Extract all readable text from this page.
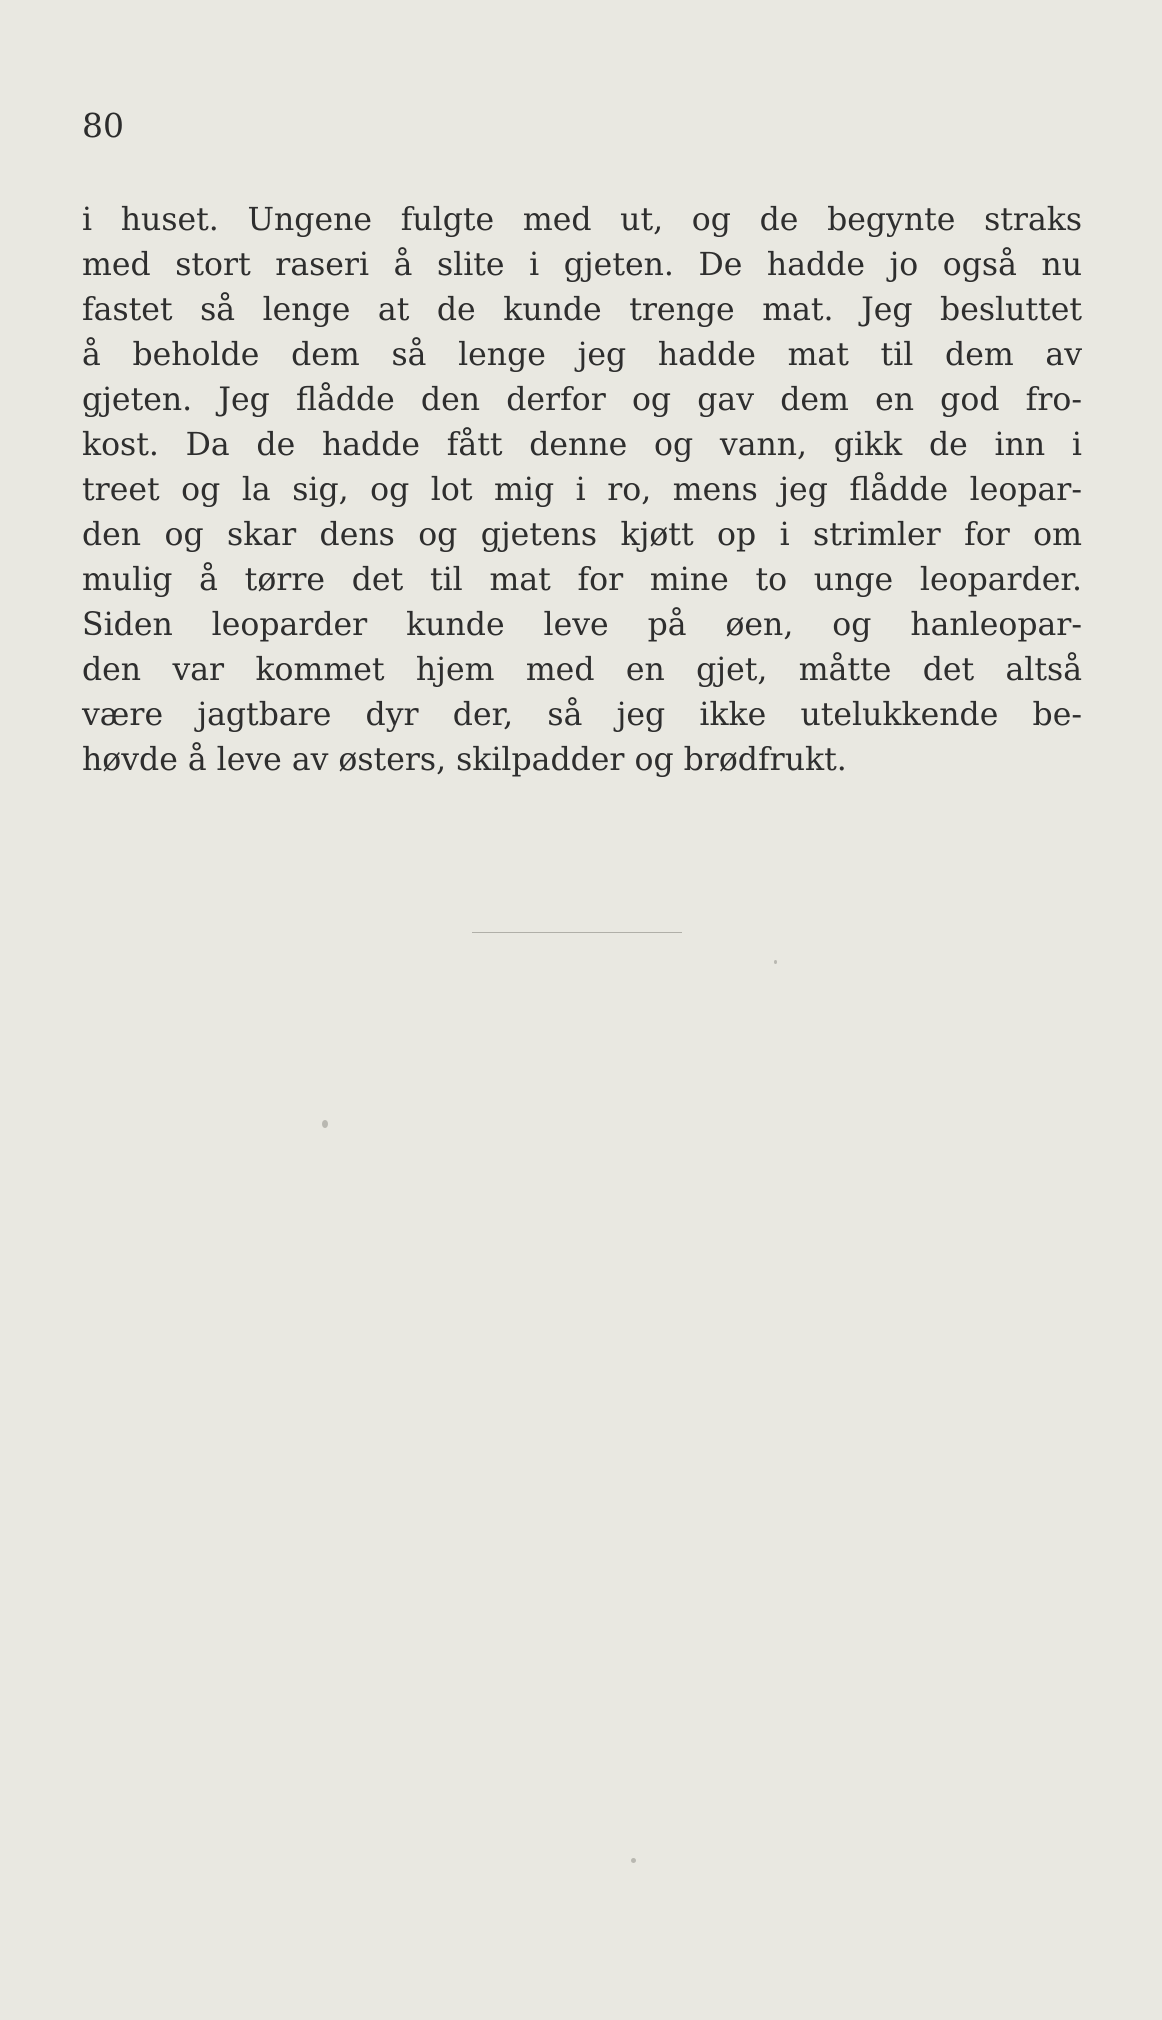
80
i huset. Ungene fulgte med ut, og de begynte straks
med stort raseri å slite i gjeten. De hadde jo også nu
fastet så lenge at de kunde trenge mat. Jeg besluttet
å beholde dem så lenge jeg hadde mat til dem av
gjeten. Jeg flådde den derfor og gav dem en god fro-
kost. Da de hadde fått denne og vann, gikk de inn i
treet og la sig, og lot mig i ro, mens jeg flådde leopar-
den og skar dens og gjetens kjøtt op i strimler for om
mulig å tørre det til mat for mine to unge leoparder.
Siden leoparder kunde leve på øen, og hanleopar-
den var kommet hjem med en gjet, måtte det altså
være jagtbare dyr der, så jeg ikke utelukkende be-
høvde å leve av østers, skilpadder og brødfrukt.
